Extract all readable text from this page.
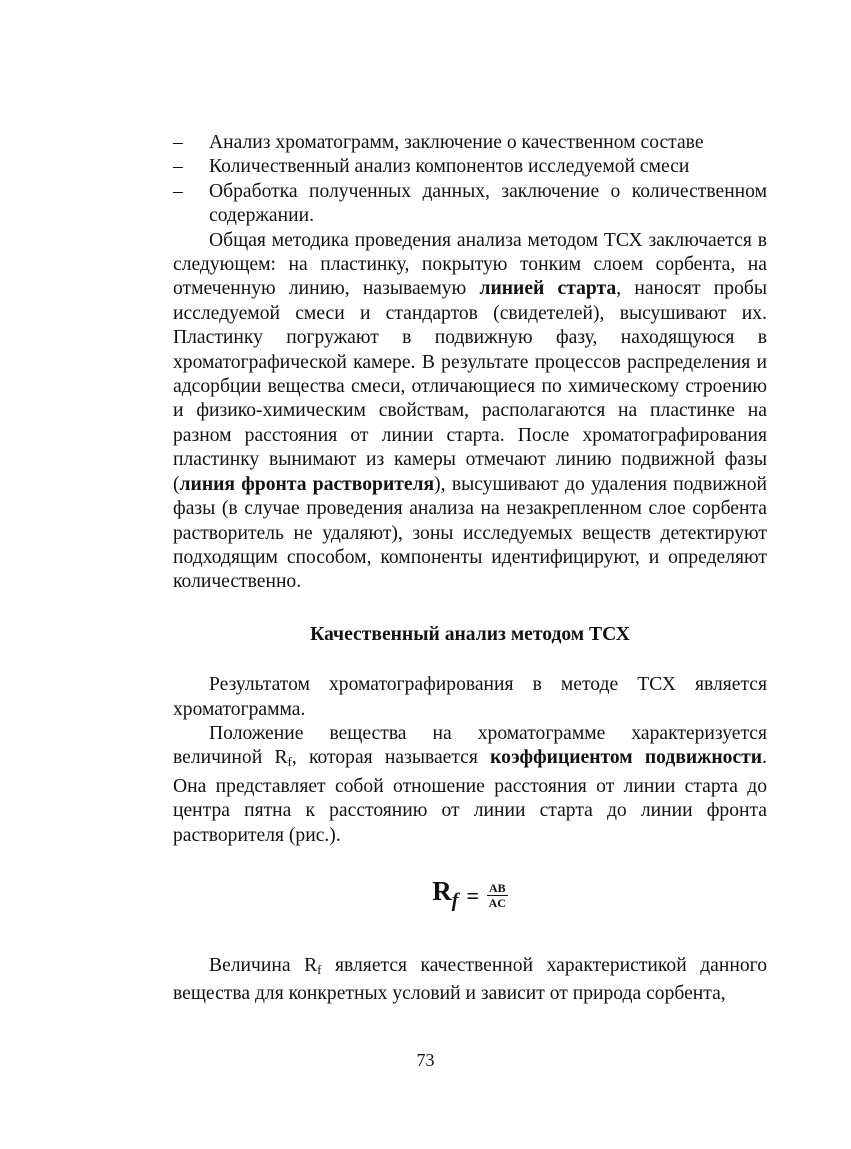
– Анализ хроматограмм, заключение о качественном составе
– Количественный анализ компонентов исследуемой смеси
– Обработка полученных данных, заключение о количественном содержании.

Общая методика проведения анализа методом ТСХ заключается в следующем: на пластинку, покрытую тонким слоем сорбента, на отмеченную линию, называемую линией старта, наносят пробы исследуемой смеси и стандартов (свидетелей), высушивают их. Пластинку погружают в подвижную фазу, находящуюся в хроматографической камере. В результате процессов распределения и адсорбции вещества смеси, отличающиеся по химическому строению и физико-химическим свойствам, располагаются на пластинке на разном расстояния от линии старта. После хроматографирования пластинку вынимают из камеры отмечают линию подвижной фазы (линия фронта растворителя), высушивают до удаления подвижной фазы (в случае проведения анализа на незакрепленном слое сорбента растворитель не удаляют), зоны исследуемых веществ детектируют подходящим способом, компоненты идентифицируют, и определяют количественно.

Качественный анализ методом ТСХ

Результатом хроматографирования в методе ТСХ является хроматограмма.

Положение вещества на хроматограмме характеризуется величиной $R_f$, которая называется коэффициентом подвижности. Она представляет собой отношение расстояния от линии старта до центра пятна к расстоянию от линии старта до линии фронта растворителя (рис.).

$R_f = \frac{AB}{AC}$

Величина $R_f$ является качественной характеристикой данного вещества для конкретных условий и зависит от природа сорбента,

73
